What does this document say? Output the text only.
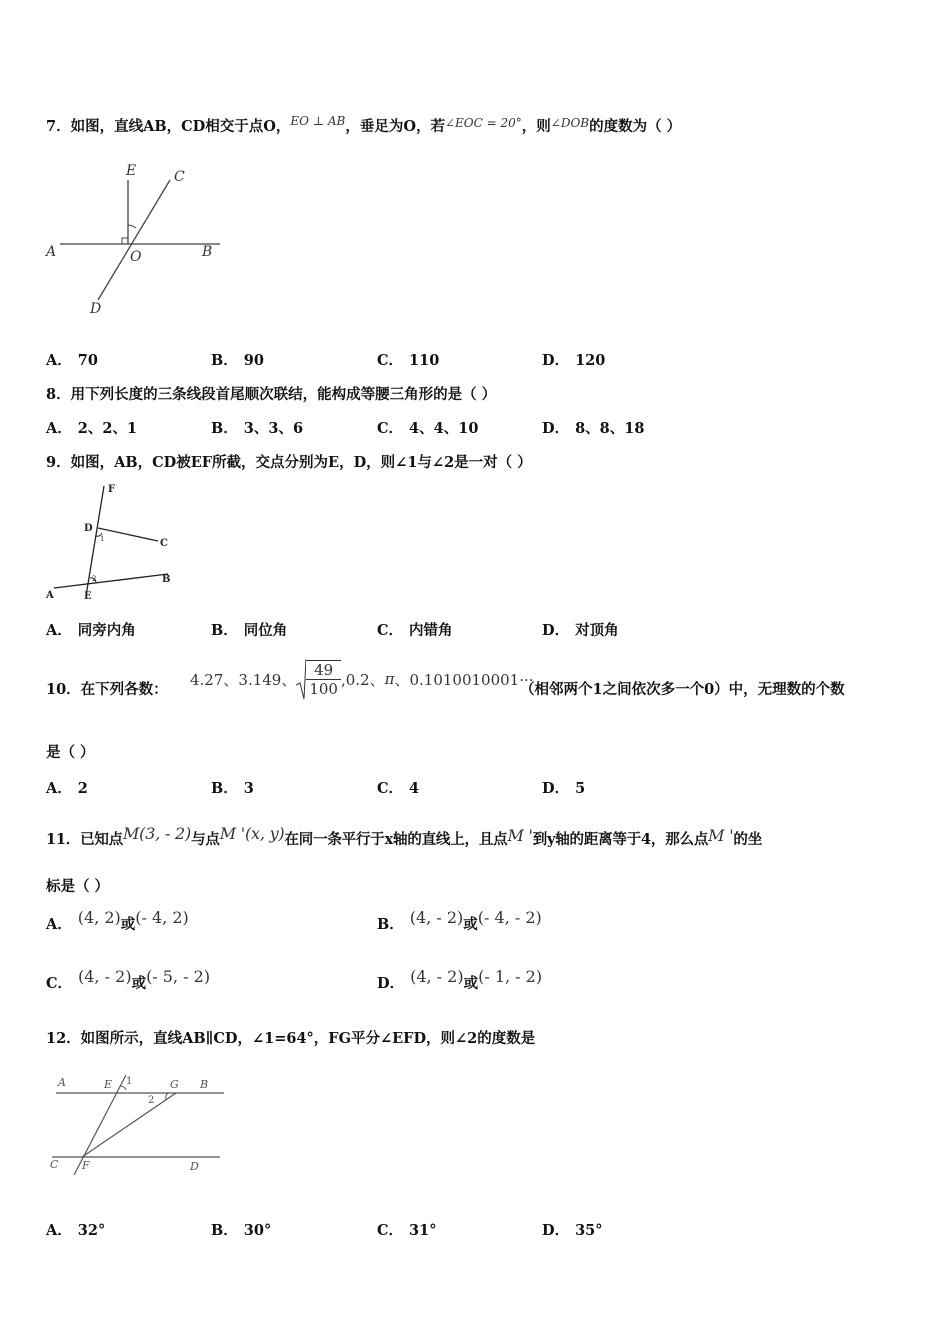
7．如图，直线AB，CD相交于点O，$^{EO \perp AB}$，垂足为O，若$^{\angle EOC = 20^\circ}$，则$^{\angle DOB}$的度数为（ ）
E	C
A	O	B
D
A． 70	B． 90	C． 110	D． 120
8．用下列长度的三条线段首尾顺次联结，能构成等腰三角形的是（ ）
A． 2、2、1	B． 3、3、6	C． 4、4、10	D． 8、8、18
9．如图，AB，CD被EF所截，交点分别为E，D，则∠1与∠2是一对（ ）
F
D
C
A	E
B
1
2
A． 同旁内角	B． 同位角	C． 内错角	D． 对顶角
10．在下列各数：
4.27、3.149、 $\frac{49}{100} ,0.2$、 π 、0.1010010001···
（相邻两个1之间依次多一个0）中，无理数的个数
是（ ）
A． 2	B． 3	C． 4	D． 5
11．已知点M(3, - 2)与点M '(x, y)在同一条平行于x轴的直线上，且点M '到y轴的距离等于4，那么点M '的坐
标是（ ）
A． (4, 2)或(- 4, 2)	B． (4, - 2)或(- 4, - 2)
C． (4, - 2)或(- 5, - 2)	D． (4, - 2)或(- 1, - 2)
12．如图所示，直线AB∥CD，∠1=64°，FG平分∠EFD，则∠2的度数是
A	E 1	G B
2
C F	D
A． 32°	B． 30°	C． 31°	D． 35°
